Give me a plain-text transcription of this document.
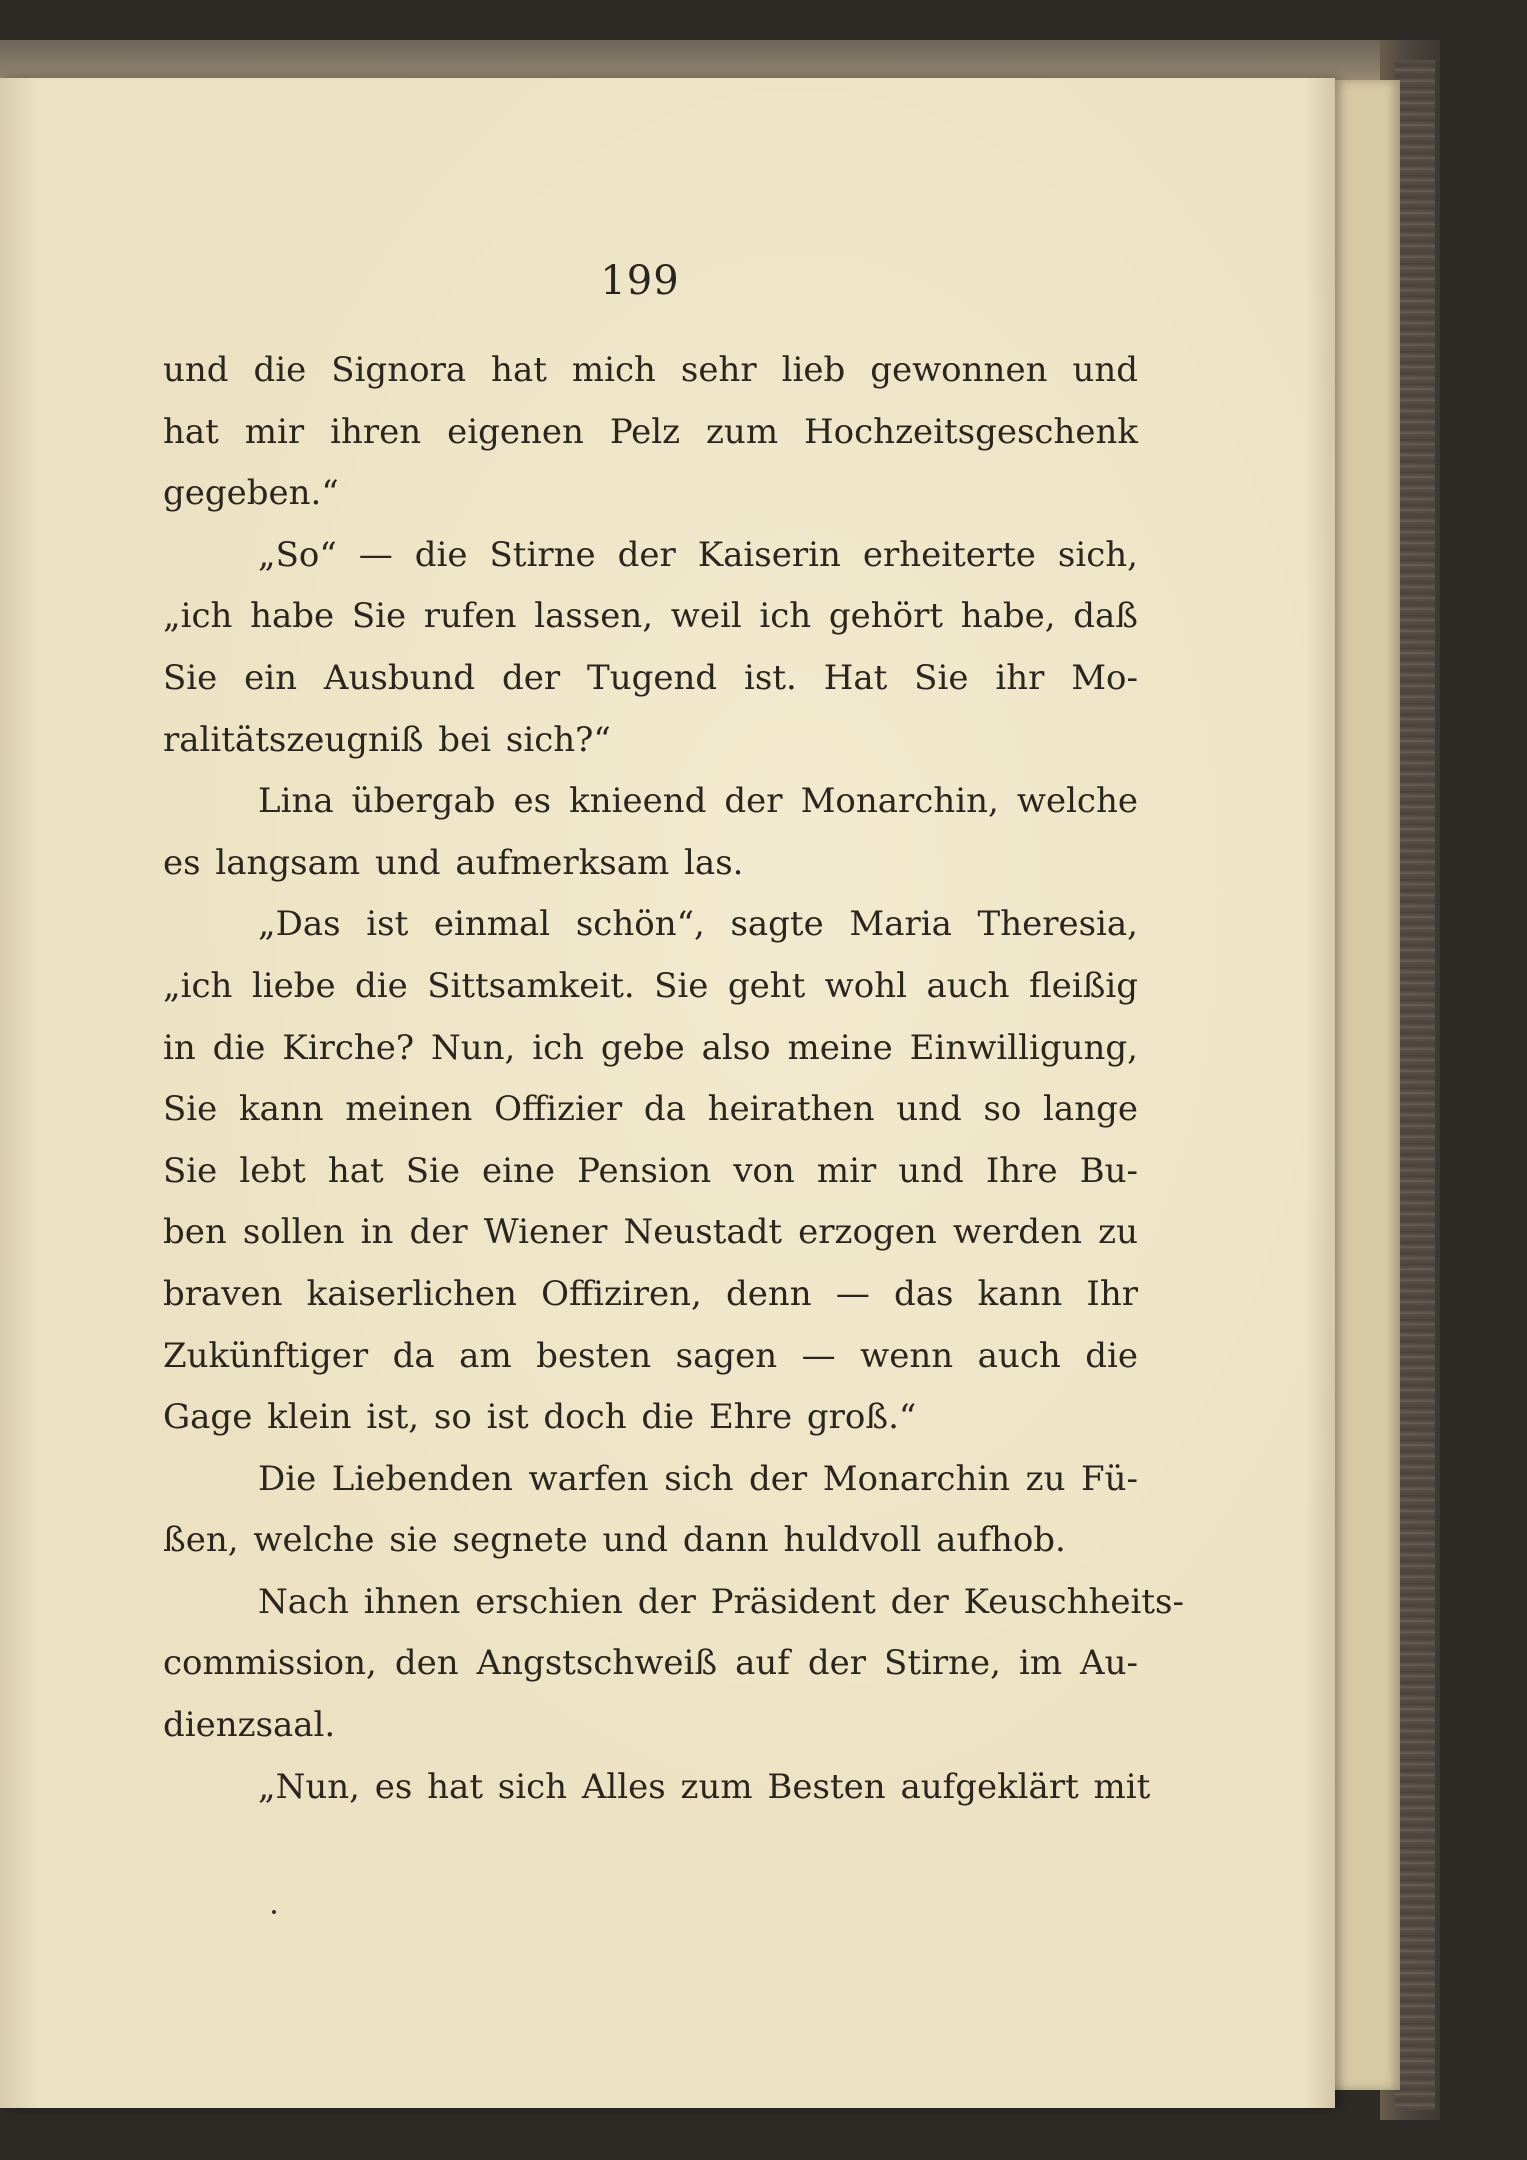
199
und die Signora hat mich sehr lieb gewonnen und
hat mir ihren eigenen Pelz zum Hochzeitsgeschenk
gegeben.“
„So“ — die Stirne der Kaiserin erheiterte sich,
„ich habe Sie rufen lassen, weil ich gehört habe, daß
Sie ein Ausbund der Tugend ist. Hat Sie ihr Mo-
ralitätszeugniß bei sich?“
Lina übergab es knieend der Monarchin, welche
es langsam und aufmerksam las.
„Das ist einmal schön“, sagte Maria Theresia,
„ich liebe die Sittsamkeit. Sie geht wohl auch fleißig
in die Kirche? Nun, ich gebe also meine Einwilligung,
Sie kann meinen Offizier da heirathen und so lange
Sie lebt hat Sie eine Pension von mir und Ihre Bu-
ben sollen in der Wiener Neustadt erzogen werden zu
braven kaiserlichen Offiziren, denn — das kann Ihr
Zukünftiger da am besten sagen — wenn auch die
Gage klein ist, so ist doch die Ehre groß.“
Die Liebenden warfen sich der Monarchin zu Fü-
ßen, welche sie segnete und dann huldvoll aufhob.
Nach ihnen erschien der Präsident der Keuschheits-
commission, den Angstschweiß auf der Stirne, im Au-
dienzsaal.
„Nun, es hat sich Alles zum Besten aufgeklärt mit
